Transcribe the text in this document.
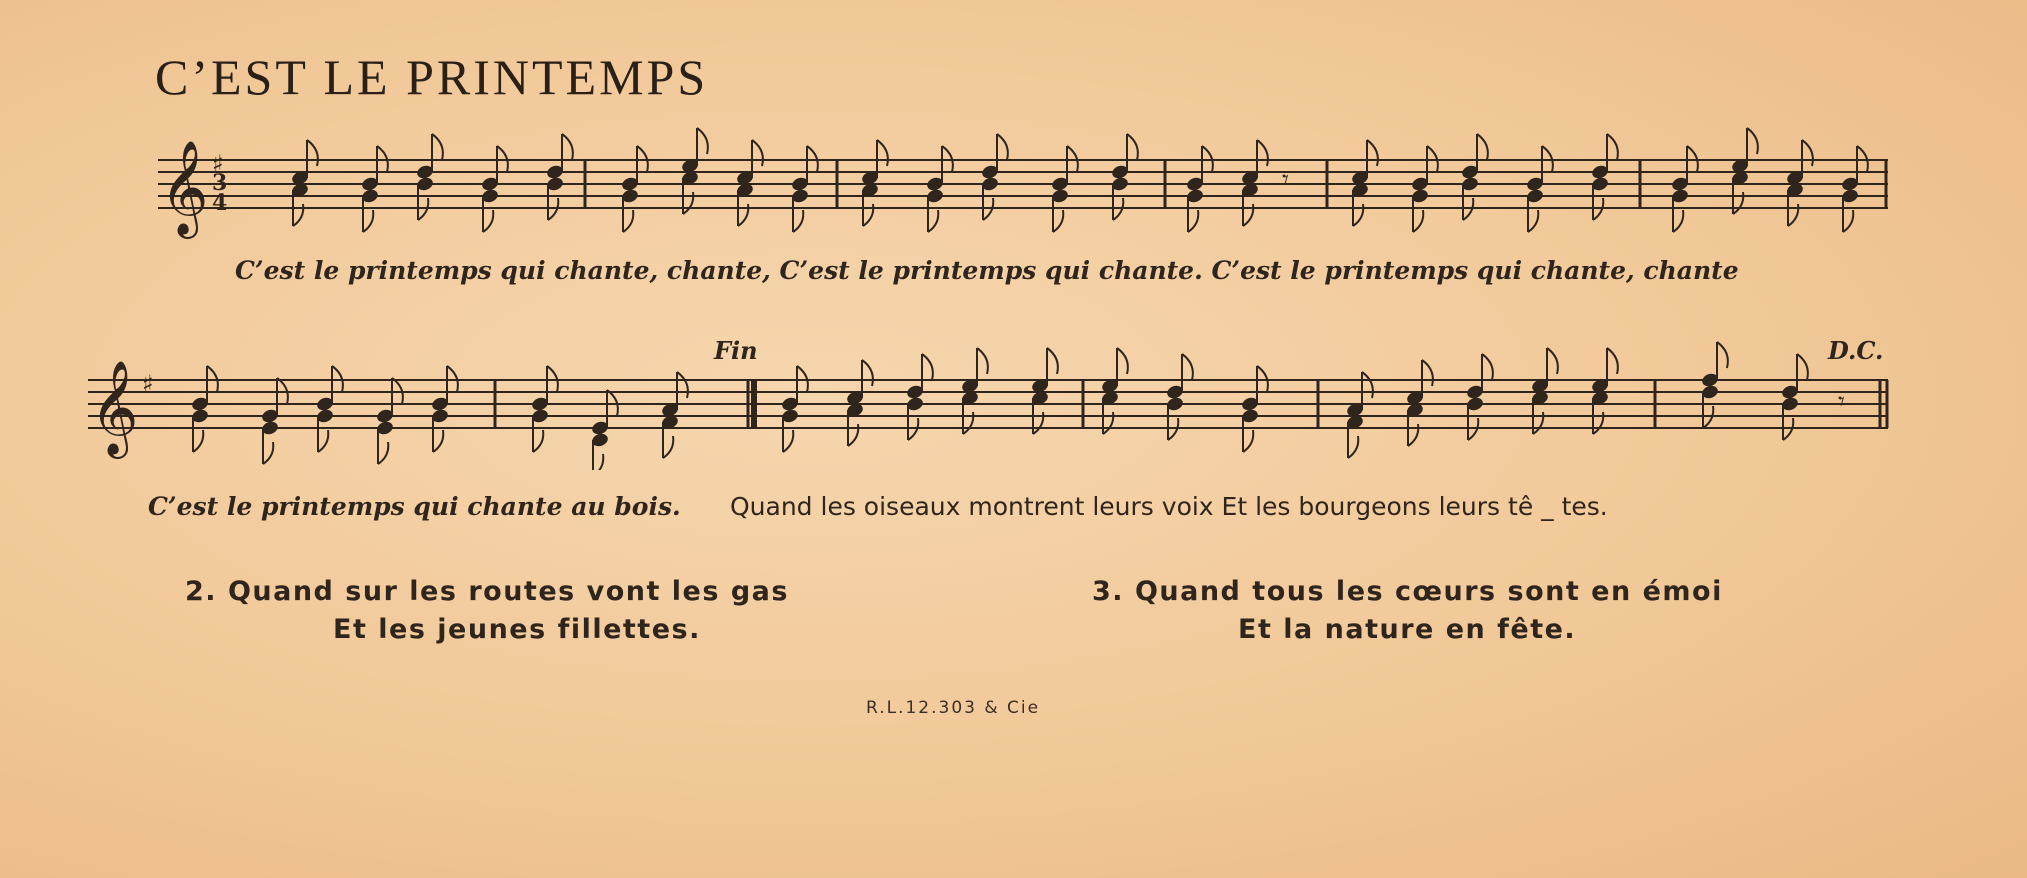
C’EST LE PRINTEMPS
𝄞 ♯
3
4
𝄾
C’est le printemps qui chante, chante, C’est le printemps qui chante. C’est le printemps qui chante, chante
𝄞 ♯
𝄾
Fin	D.C.
C’est le printemps qui chante au bois. Quand les oiseaux montrent leurs voix Et les bourgeons leurs tê _ tes.
2. Quand sur les routes vont les gas
Et les jeunes fillettes.
3. Quand tous les cœurs sont en émoi
Et la nature en fête.
R.L.12.303 & Cie
